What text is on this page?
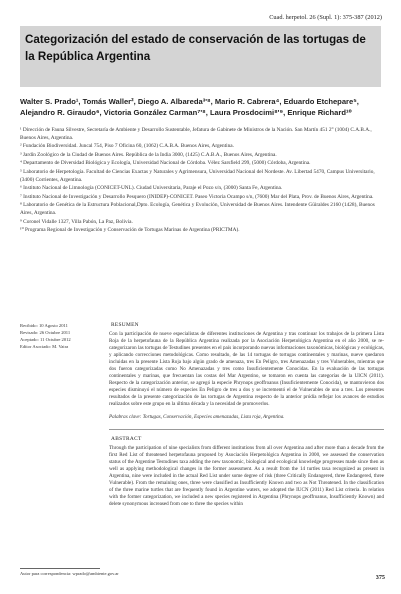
Cuad. herpetol. 26 (Supl. 1): 375-387 (2012)
Categorización del estado de conservación de las tortugas de la República Argentina
Walter S. Prado¹, Tomás Waller², Diego A. Albareda³'⁸, Mario R. Cabrera⁴, Eduardo Etchepare⁵, Alejandro R. Giraudo⁶, Victoria González Carman⁷'⁸, Laura Prosdocimi⁸'⁹, Enrique Richard¹⁰

¹ Dirección de Fauna Silvestre, Secretaría de Ambiente y Desarrollo Sustentable, Jefatura de Gabinete de Ministros de la Nación. San Martín 451 2° (1004) C.A.B.A., Buenos Aires, Argentina.

² Fundación Biodiversidad. Juncal 754, Piso 7 Oficina 60, (1062) C.A.B.A. Buenos Aires, Argentina.

³ Jardín Zoológico de la Ciudad de Buenos Aires. República de la India 3000, (1425) C.A.B.A., Buenos Aires, Argentina.

⁴ Departamento de Diversidad Biológica y Ecología, Universidad Nacional de Córdoba. Vélez Sarsfield 299, (5000) Córdoba, Argentina.

⁵ Laboratorio de Herpetología. Facultad de Ciencias Exactas y Naturales y Agrimensura, Universidad Nacional del Nordeste. Av. Libertad 5470, Campus Universitario, (3400) Corrientes, Argentina.

⁶ Instituto Nacional de Limnología (CONICET-UNL). Ciudad Universitaria, Paraje el Pozo s/n, (3000) Santa Fe, Argentina.

⁷ Instituto Nacional de Investigación y Desarrollo Pesquero (INIDEP)-CONICET. Paseo Victoria Ocampo s/n, (7600) Mar del Plata, Prov. de Buenos Aires, Argentina.

⁸ Laboratorio de Genética de la Estructura Poblacional,Dpto. Ecología, Genética y Evolución, Universidad de Buenos Aires. Intendente Güiraldes 2160 (1428), Buenos Aires, Argentina.

⁹ Coronel Vidalle 1327, Villa Pabón, La Paz, Bolivia.

¹⁰ Programa Regional de Investigación y Conservación de Tortugas Marinas de Argentina (PRICTMA).

Recibido: 10 Agosto 2011
Revisado: 26 Octubre 2011
Aceptado: 11 Octubre 2012
Editor Asociado: M. Vaira
RESUMEN

Con la participación de nueve especialistas de diferentes instituciones de Argentina y tras continuar los trabajos de la primera Lista Roja de la herpetofauna de la República Argentina realizada por la Asociación Herpetológica Argentina en el año 2000, se re-categorizaron las tortugas de Testudines presentes en el país incorporando nuevas informaciones taxonómicas, biológicas y ecológicas, y aplicando correcciones metodológicas. Como resultado, de las 14 tortugas de tortugas continentales y marinas, nueve quedaron incluidas en la presente Lista Roja bajo algún grado de amenaza, tres En Peligro, tres Amenazadas y tres Vulnerables, mientras que dos fueron categorizadas como No Amenazadas y tres como Insuficientemente Conocidas. En la evaluación de las tortugas continentales y marinas, que frecuentan las costas del Mar Argentino, se tomaron en cuenta las categorías de la UICN (2011). Respecto de la categorización anterior, se agregó la especie Phrynops geoffroanus (Insuficientemente Conocida), se mantuvieron dos especies disminuyó el número de especies En Peligro de tres a dos y se incrementó el de Vulnerables de uno a tres. Los presentes resultados de la presente categorización de las tortugas de Argentina respecto de la anterior pródía reflejar los avances de estudios realizados sobre este grupo en la última década y la necesidad de promoverlos.

Palabras clave: Tortugas, Conservación, Especies amenazadas, Lista roja, Argentina.

ABSTRACT

Through the participation of nine specialists from different institutions from all over Argentina and after more than a decade from the first Red List of threatened herpetofauna proposed by Asociación Herpetológica Argentina in 2000, we assessed the conservation status of the Argentine Testudines taxa adding the new taxonomic, biological and ecological knowledge progresses made since then as well as applying methodological changes in the former assessment. As a result from the 14 turtles taxa recognized as present in Argentina, nine were included in the actual Red List under some degree of risk (three Critically Endangered, three Endangered, three Vulnerable). From the remaining ones, three were classified as Insufficiently Known and two as Not Threatened. In the classification of the three marine turtles that are frequently found in Argentine waters, we adopted the IUCN (2011) Red List criteria. In relation with the former categorization, we included a new species registered in Argentina (Phrynops geoffroanus, Insufficiently Known) and delete synonymous increased from one to three the species within

Autor para correspondencia: wprado@ambiente.gov.ar
375
